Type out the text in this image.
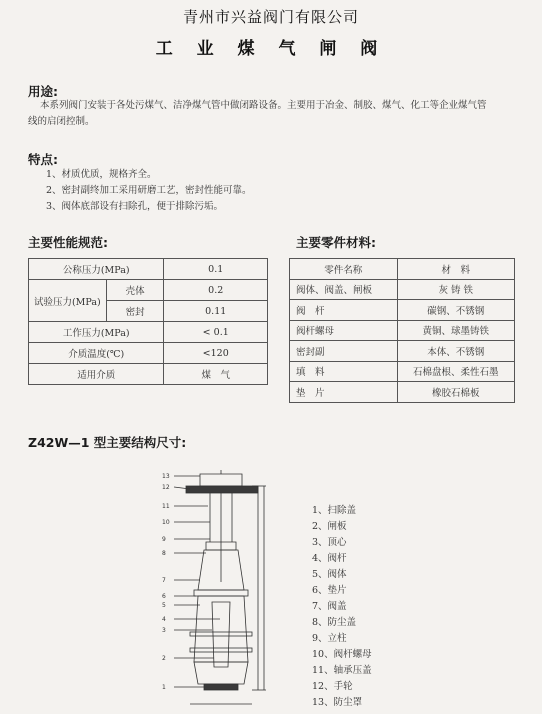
青州市兴益阀门有限公司
工 业 煤 气 闸 阀
用途:
本系列阀门安装于各处污煤气、洁净煤气管中做闭路设备。主要用于冶金、制胶、煤气、化工等企业煤气管
线的启闭控制。
特点:
1、材质优质，规格齐全。
2、密封副终加工采用研磨工艺，密封性能可靠。
3、阀体底部设有扫除孔，便于排除污垢。
主要性能规范:
公称压力(MPa)		0.1
试验压力(MPa)	壳体	0.2
	密封	0.11
工作压力(MPa)		< 0.1
介质温度(℃)		<120
适用介质		煤　气
主要零件材料:
零件名称	材　料
阀体、阀盖、闸板	灰 铸 铁
阀　杆	碳钢、不锈钢
阀杆螺母	黄铜、球墨铸铁
密封副	本体、不锈钢
填　料	石棉盘根、柔性石墨
垫　片	橡胶石棉板
Z42W—1 型主要结构尺寸:
13
12
11
10
9
8
7
6
5
4
3
2
1
1、扫除盖
2、闸板
3、顶心
4、阀杆
5、阀体
6、垫片
7、阀盖
8、防尘盖
9、立柱
10、阀杆螺母
11、轴承压盖
12、手轮
13、防尘罩
